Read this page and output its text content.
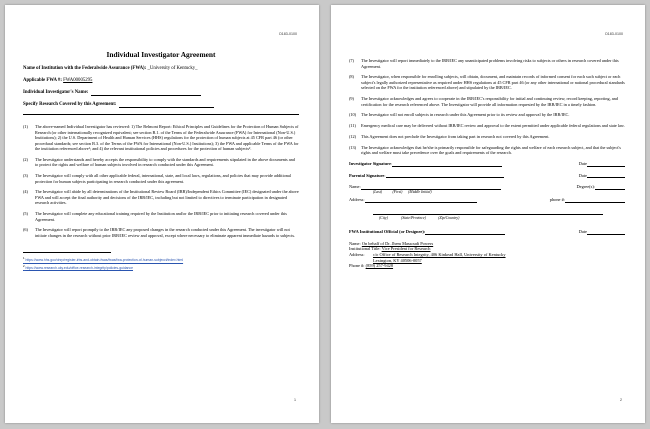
D183-0100
Individual Investigator Agreement
Name of Institution with the Federalwide Assurance (FWA): _University of Kentucky_
Applicable FWA #: FWA00005295
Individual Investigator's Name:
Specify Research Covered by this Agreement:
(1)	The above-named Individual Investigator has reviewed: 1) The Belmont Report: Ethical Principles and Guidelines for the Protection of Human Subjects of Research (or other internationally recognized equivalent; see section B.1. of the Terms of the Federalwide Assurance (FWA) for International (Non-U.S.) Institutions); 2) the U.S. Department of Health and Human Services (HHS) regulations for the protection of human subjects at 45 CFR part 46 (or other procedural standards; see section B.3. of the Terms of the FWA for International (Non-U.S.) Institutions); 3) the FWA and applicable Terms of the FWA for the institution referenced above¹; and 4) the relevant institutional policies and procedures for the protection of human subjects².
(2)	The Investigator understands and hereby accepts the responsibility to comply with the standards and requirements stipulated in the above documents and to protect the rights and welfare of human subjects involved in research conducted under this Agreement.
(3)	The Investigator will comply with all other applicable federal, international, state, and local laws, regulations, and policies that may provide additional protection for human subjects participating in research conducted under this agreement.
(4)	The Investigator will abide by all determinations of the Institutional Review Board (IRB)/Independent Ethics Committee (IEC) designated under the above FWA and will accept the final authority and decisions of the IRB/IEC, including but not limited to directives to terminate participation in designated research activities.
(5)	The Investigator will complete any educational training required by the Institution and/or the IRB/IEC prior to initiating research covered under this Agreement.
(6)	The Investigator will report promptly to the IRB/IEC any proposed changes in the research conducted under this Agreement. The investigator will not initiate changes in the research without prior IRB/IEC review and approval, except where necessary to eliminate apparent immediate hazards to subjects.
$^1$ https://www.hhs.gov/ohrp/register-irbs-and-obtain-fwas/fwas/fwa-protection-of-human-subjecct/index.html
$^2$ https://www.research.uky.edu/office-research-integrity/policies-guidance
1
D183-0100
(7)	The Investigator will report immediately to the IRB/IEC any unanticipated problems involving risks to subjects or others in research covered under this Agreement.
(8)	The Investigator, when responsible for enrolling subjects, will obtain, document, and maintain records of informed consent for each such subject or each subject's legally authorized representative as required under HHS regulations at 45 CFR part 46 (or any other international or national procedural standards selected on the FWA for the institution referenced above) and stipulated by the IRB/IEC.
(9)	The Investigator acknowledges and agrees to cooperate in the IRB/IEC's responsibility for initial and continuing review, record keeping, reporting, and certification for the research referenced above. The Investigator will provide all information requested by the IRB/IEC in a timely fashion.
(10)	The Investigator will not enroll subjects in research under this Agreement prior to its review and approval by the IRB/IEC.
(11)	Emergency medical care may be delivered without IRB/IEC review and approval to the extent permitted under applicable federal regulations and state law.
(12)	This Agreement does not preclude the Investigator from taking part in research not covered by this Agreement.
(13)	The Investigator acknowledges that he/she is primarily responsible for safeguarding the rights and welfare of each research subject, and that the subject's rights and welfare must take precedence over the goals and requirements of the research.
Investigator Signature:	Date
Parental Signature:	Date
Name:	Degree(s):
(Last)	(First) (Middle Initial)
Address:	phone #:
(City)	(State/Province)	(Zip/Country)
FWA Institutional Official (or Designee):	Date
Name: On behalf of Dr. Jhem Massoudi Powers
Institutional Title: Vice President for Research
Address:	c/o Office of Research Integrity, 406 Kinkead Hall, University of Kentucky
Lexington, KY 40506-0057
Phone #: (859) 257-9428
2
